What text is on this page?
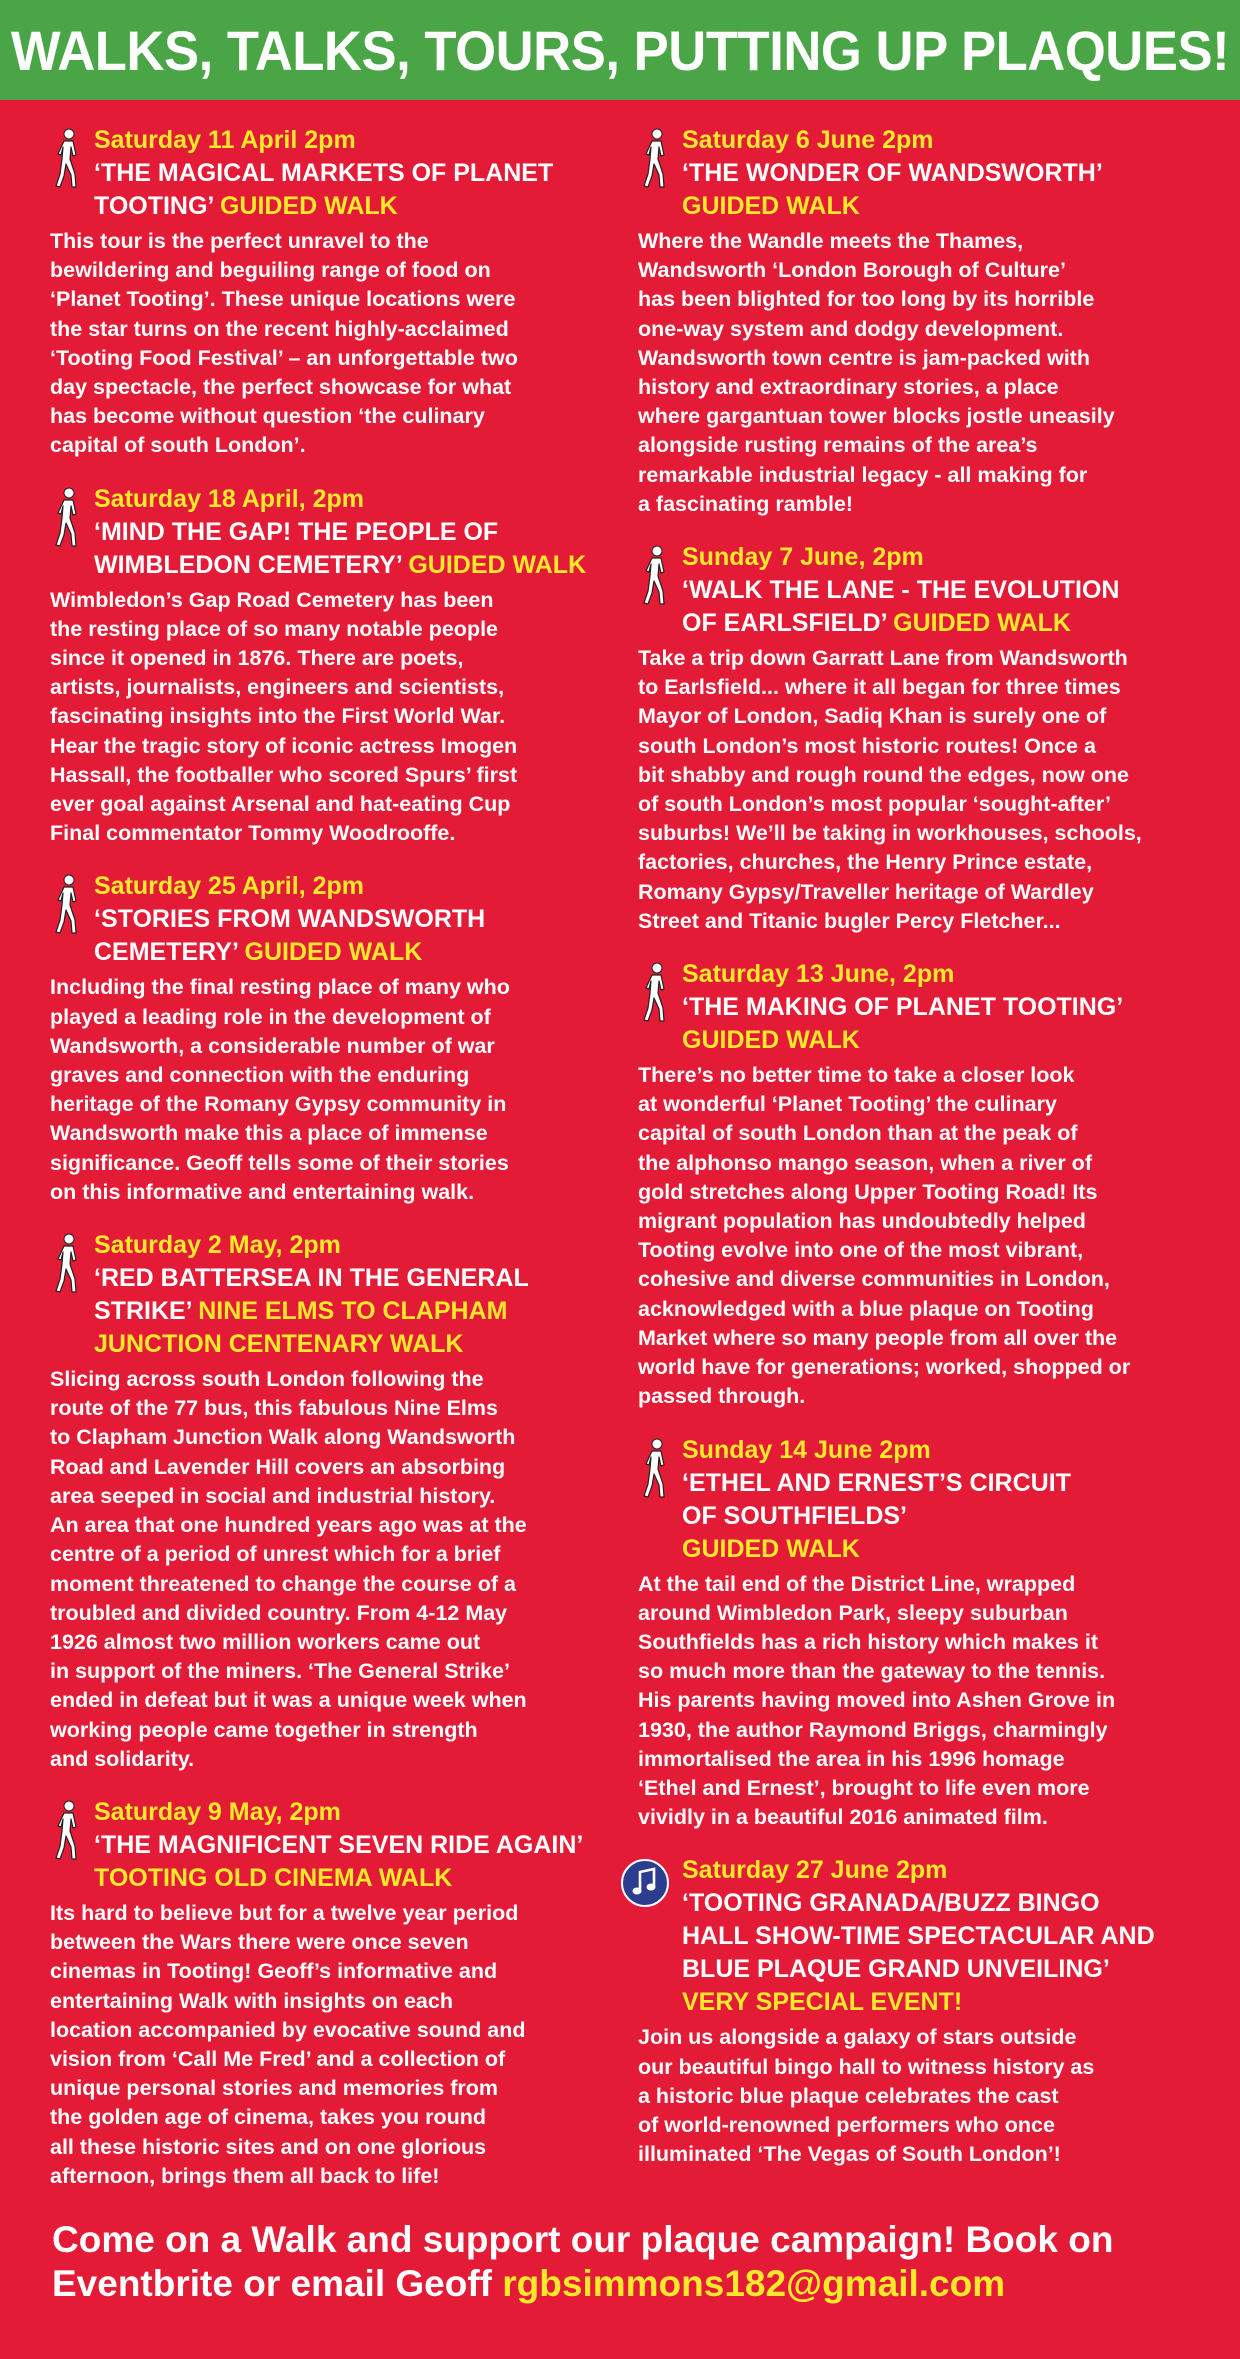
WALKS, TALKS, TOURS, PUTTING UP PLAQUES!
Saturday 11 April 2pm
‘THE MAGICAL MARKETS OF PLANET
TOOTING’ GUIDED WALK
This tour is the perfect unravel to the
bewildering and beguiling range of food on
‘Planet Tooting’. These unique locations were
the star turns on the recent highly-acclaimed
‘Tooting Food Festival’ – an unforgettable two
day spectacle, the perfect showcase for what
has become without question ‘the culinary
capital of south London’.
Saturday 18 April, 2pm
‘MIND THE GAP! THE PEOPLE OF
WIMBLEDON CEMETERY’ GUIDED WALK
Wimbledon’s Gap Road Cemetery has been
the resting place of so many notable people
since it opened in 1876. There are poets,
artists, journalists, engineers and scientists,
fascinating insights into the First World War.
Hear the tragic story of iconic actress Imogen
Hassall, the footballer who scored Spurs’ first
ever goal against Arsenal and hat-eating Cup
Final commentator Tommy Woodrooffe.
Saturday 25 April, 2pm
‘STORIES FROM WANDSWORTH
CEMETERY’ GUIDED WALK
Including the final resting place of many who
played a leading role in the development of
Wandsworth, a considerable number of war
graves and connection with the enduring
heritage of the Romany Gypsy community in
Wandsworth make this a place of immense
significance. Geoff tells some of their stories
on this informative and entertaining walk.
Saturday 2 May, 2pm
‘RED BATTERSEA IN THE GENERAL
STRIKE’ NINE ELMS TO CLAPHAM
JUNCTION CENTENARY WALK
Slicing across south London following the
route of the 77 bus, this fabulous Nine Elms
to Clapham Junction Walk along Wandsworth
Road and Lavender Hill covers an absorbing
area seeped in social and industrial history.
An area that one hundred years ago was at the
centre of a period of unrest which for a brief
moment threatened to change the course of a
troubled and divided country. From 4-12 May
1926 almost two million workers came out
in support of the miners. ‘The General Strike’
ended in defeat but it was a unique week when
working people came together in strength
and solidarity.
Saturday 9 May, 2pm
‘THE MAGNIFICENT SEVEN RIDE AGAIN’
TOOTING OLD CINEMA WALK
Its hard to believe but for a twelve year period
between the Wars there were once seven
cinemas in Tooting! Geoff’s informative and
entertaining Walk with insights on each
location accompanied by evocative sound and
vision from ‘Call Me Fred’ and a collection of
unique personal stories and memories from
the golden age of cinema, takes you round
all these historic sites and on one glorious
afternoon, brings them all back to life!
Saturday 6 June 2pm
‘THE WONDER OF WANDSWORTH’
GUIDED WALK
Where the Wandle meets the Thames,
Wandsworth ‘London Borough of Culture’
has been blighted for too long by its horrible
one-way system and dodgy development.
Wandsworth town centre is jam-packed with
history and extraordinary stories, a place
where gargantuan tower blocks jostle uneasily
alongside rusting remains of the area’s
remarkable industrial legacy - all making for
a fascinating ramble!
Sunday 7 June, 2pm
‘WALK THE LANE - THE EVOLUTION
OF EARLSFIELD’ GUIDED WALK
Take a trip down Garratt Lane from Wandsworth
to Earlsfield... where it all began for three times
Mayor of London, Sadiq Khan is surely one of
south London’s most historic routes! Once a
bit shabby and rough round the edges, now one
of south London’s most popular ‘sought-after’
suburbs! We’ll be taking in workhouses, schools,
factories, churches, the Henry Prince estate,
Romany Gypsy/Traveller heritage of Wardley
Street and Titanic bugler Percy Fletcher...
Saturday 13 June, 2pm
‘THE MAKING OF PLANET TOOTING’
GUIDED WALK
There’s no better time to take a closer look
at wonderful ‘Planet Tooting’ the culinary
capital of south London than at the peak of
the alphonso mango season, when a river of
gold stretches along Upper Tooting Road! Its
migrant population has undoubtedly helped
Tooting evolve into one of the most vibrant,
cohesive and diverse communities in London,
acknowledged with a blue plaque on Tooting
Market where so many people from all over the
world have for generations; worked, shopped or
passed through.
Sunday 14 June 2pm
‘ETHEL AND ERNEST’S CIRCUIT
OF SOUTHFIELDS’
GUIDED WALK
At the tail end of the District Line, wrapped
around Wimbledon Park, sleepy suburban
Southfields has a rich history which makes it
so much more than the gateway to the tennis.
His parents having moved into Ashen Grove in
1930, the author Raymond Briggs, charmingly
immortalised the area in his 1996 homage
‘Ethel and Ernest’, brought to life even more
vividly in a beautiful 2016 animated film.
Saturday 27 June 2pm
‘TOOTING GRANADA/BUZZ BINGO
HALL SHOW-TIME SPECTACULAR AND
BLUE PLAQUE GRAND UNVEILING’
VERY SPECIAL EVENT!
Join us alongside a galaxy of stars outside
our beautiful bingo hall to witness history as
a historic blue plaque celebrates the cast
of world-renowned performers who once
illuminated ‘The Vegas of South London’!
Come on a Walk and support our plaque campaign! Book on
Eventbrite or email Geoff rgbsimmons182@gmail.com
